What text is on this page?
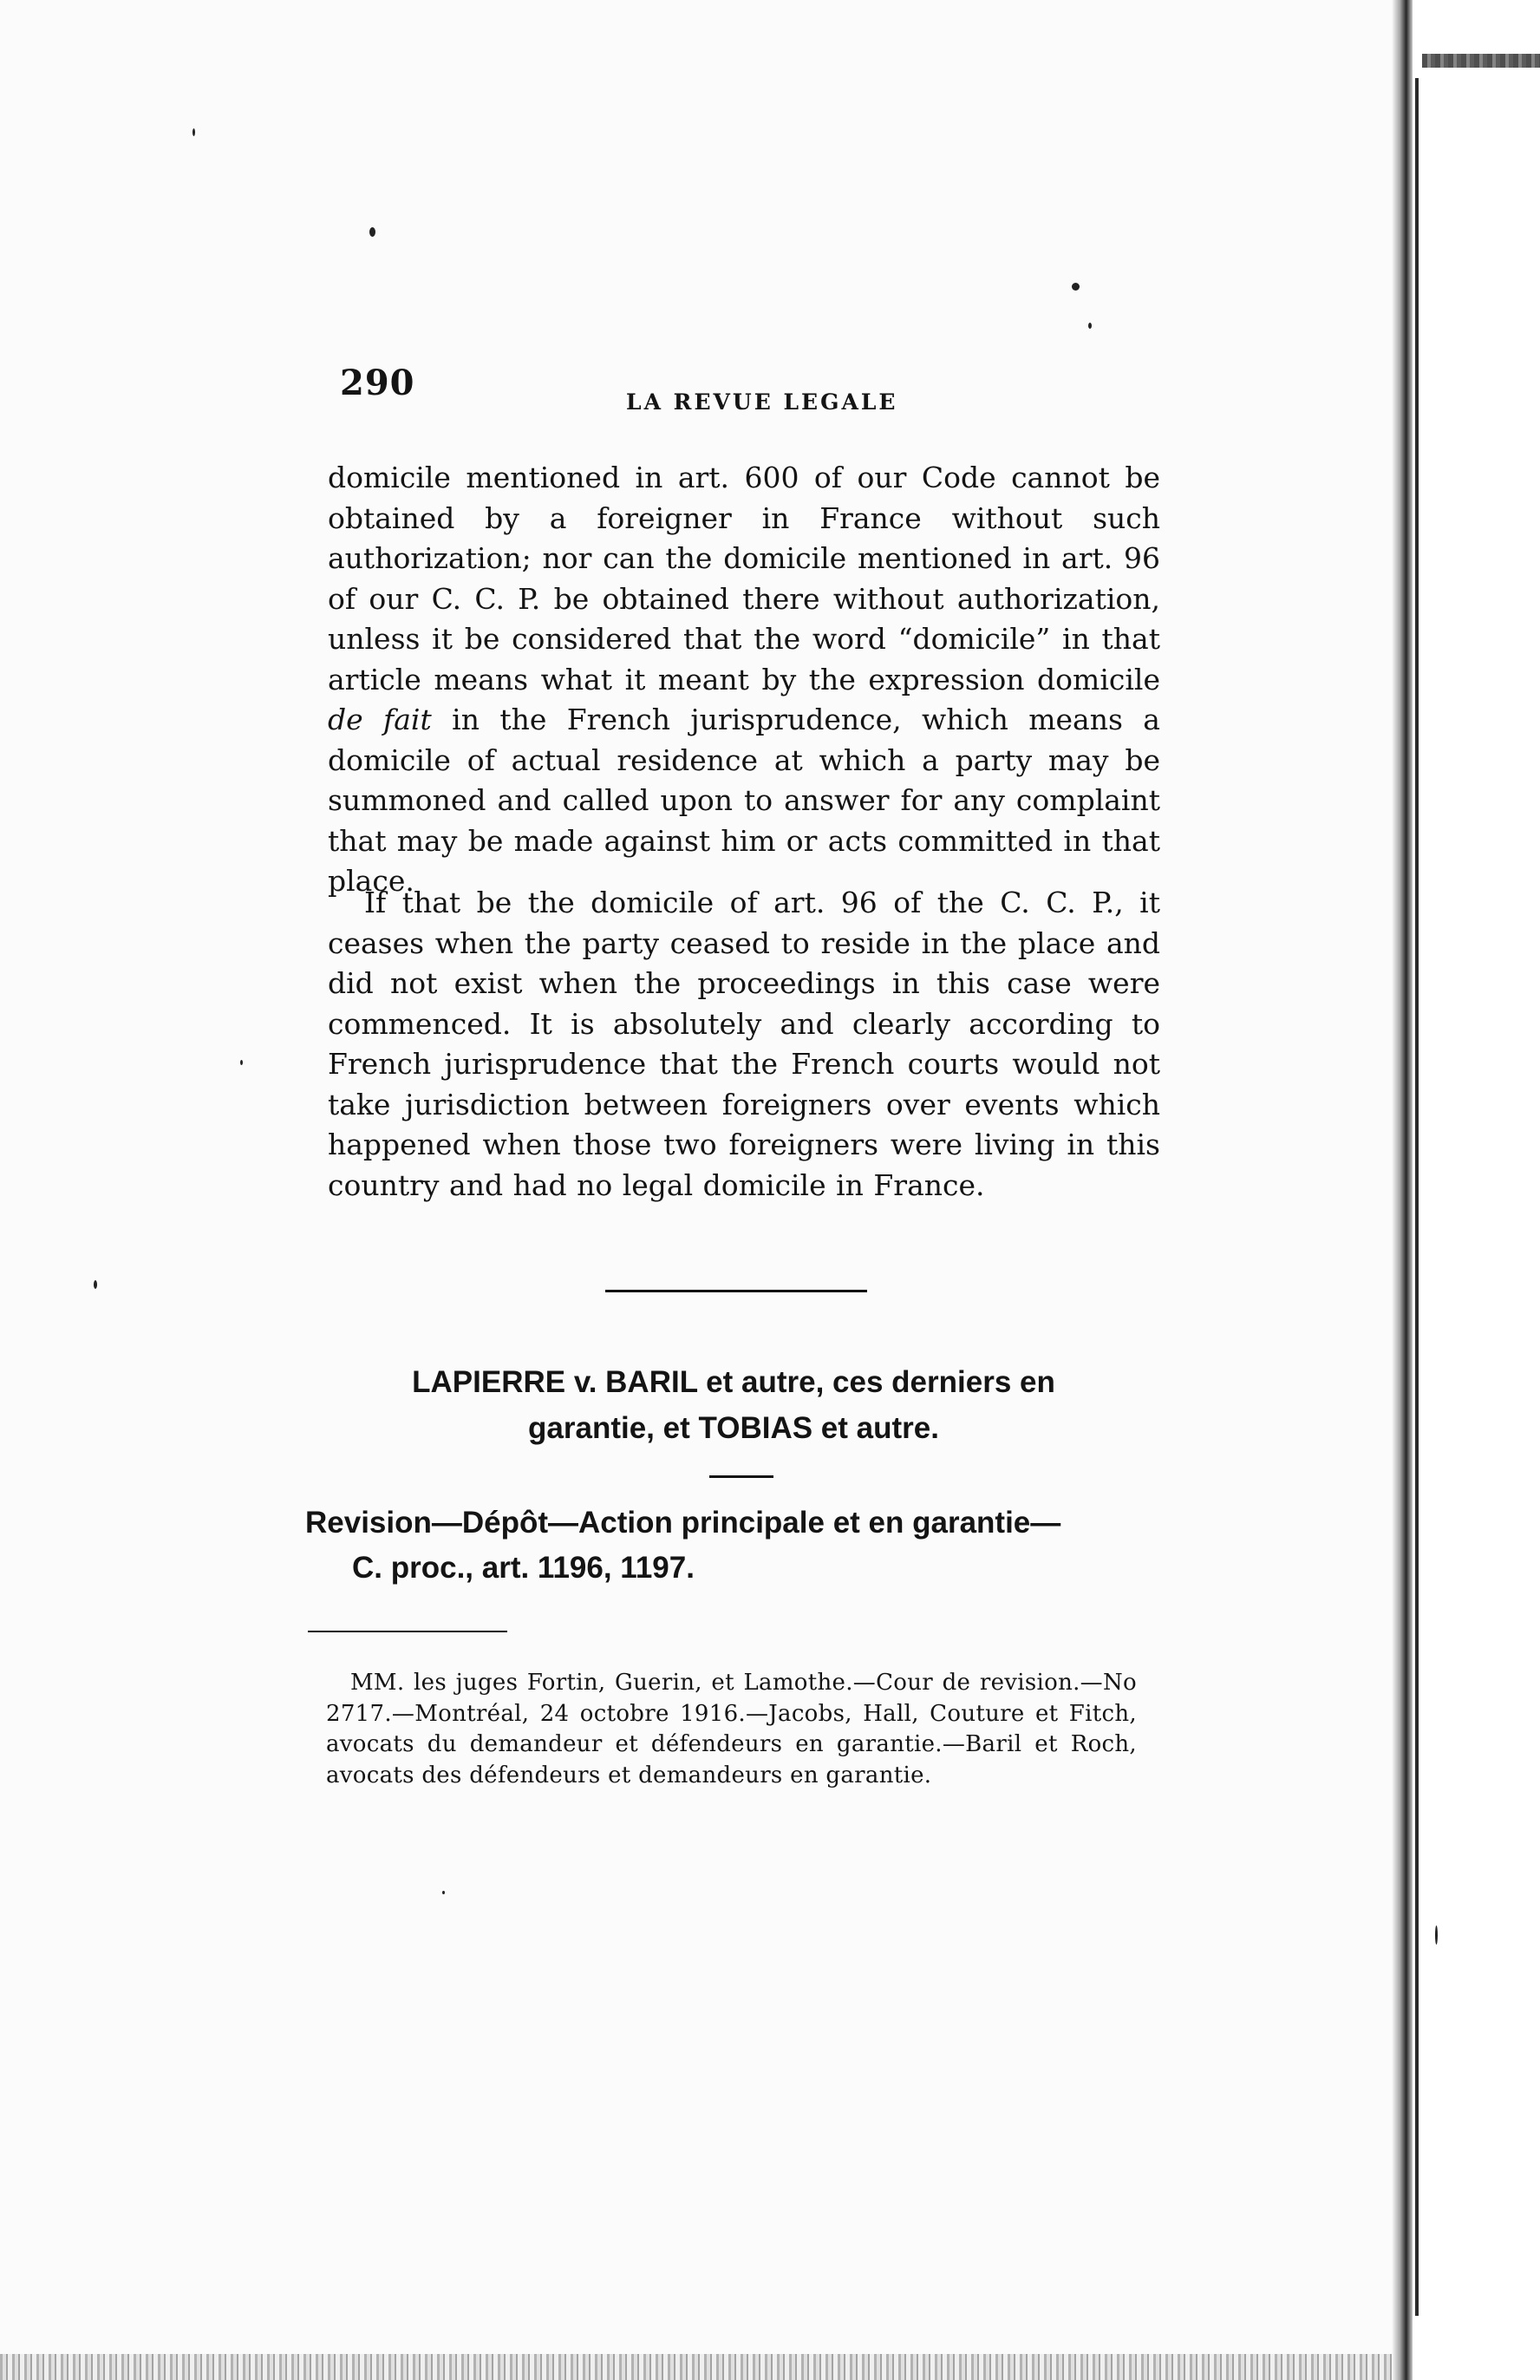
290	LA REVUE LEGALE
domicile mentioned in art. 600 of our Code cannot be obtained by a foreigner in France without such authorization; nor can the domicile mentioned in art. 96 of our C. C. P. be obtained there without authorization, unless it be considered that the word “domicile” in that article means what it meant by the expression domicile de fait in the French jurisprudence, which means a domicile of actual residence at which a party may be summoned and called upon to answer for any complaint that may be made against him or acts committed in that place.
If that be the domicile of art. 96 of the C. C. P., it ceases when the party ceased to reside in the place and did not exist when the proceedings in this case were commenced. It is absolutely and clearly according to French jurisprudence that the French courts would not take jurisdiction between foreigners over events which happened when those two foreigners were living in this country and had no legal domicile in France.
LAPIERRE v. BARIL et autre, ces derniers en
garantie, et TOBIAS et autre.
Revision—Dépôt—Action principale et en garantie—

C. proc., art. 1196, 1197.
MM. les juges Fortin, Guerin, et Lamothe.—Cour de revision.—No 2717.—Montréal, 24 octobre 1916.—Jacobs, Hall, Couture et Fitch, avocats du demandeur et défendeurs en garantie.—Baril et Roch, avocats des défendeurs et demandeurs en garantie.
